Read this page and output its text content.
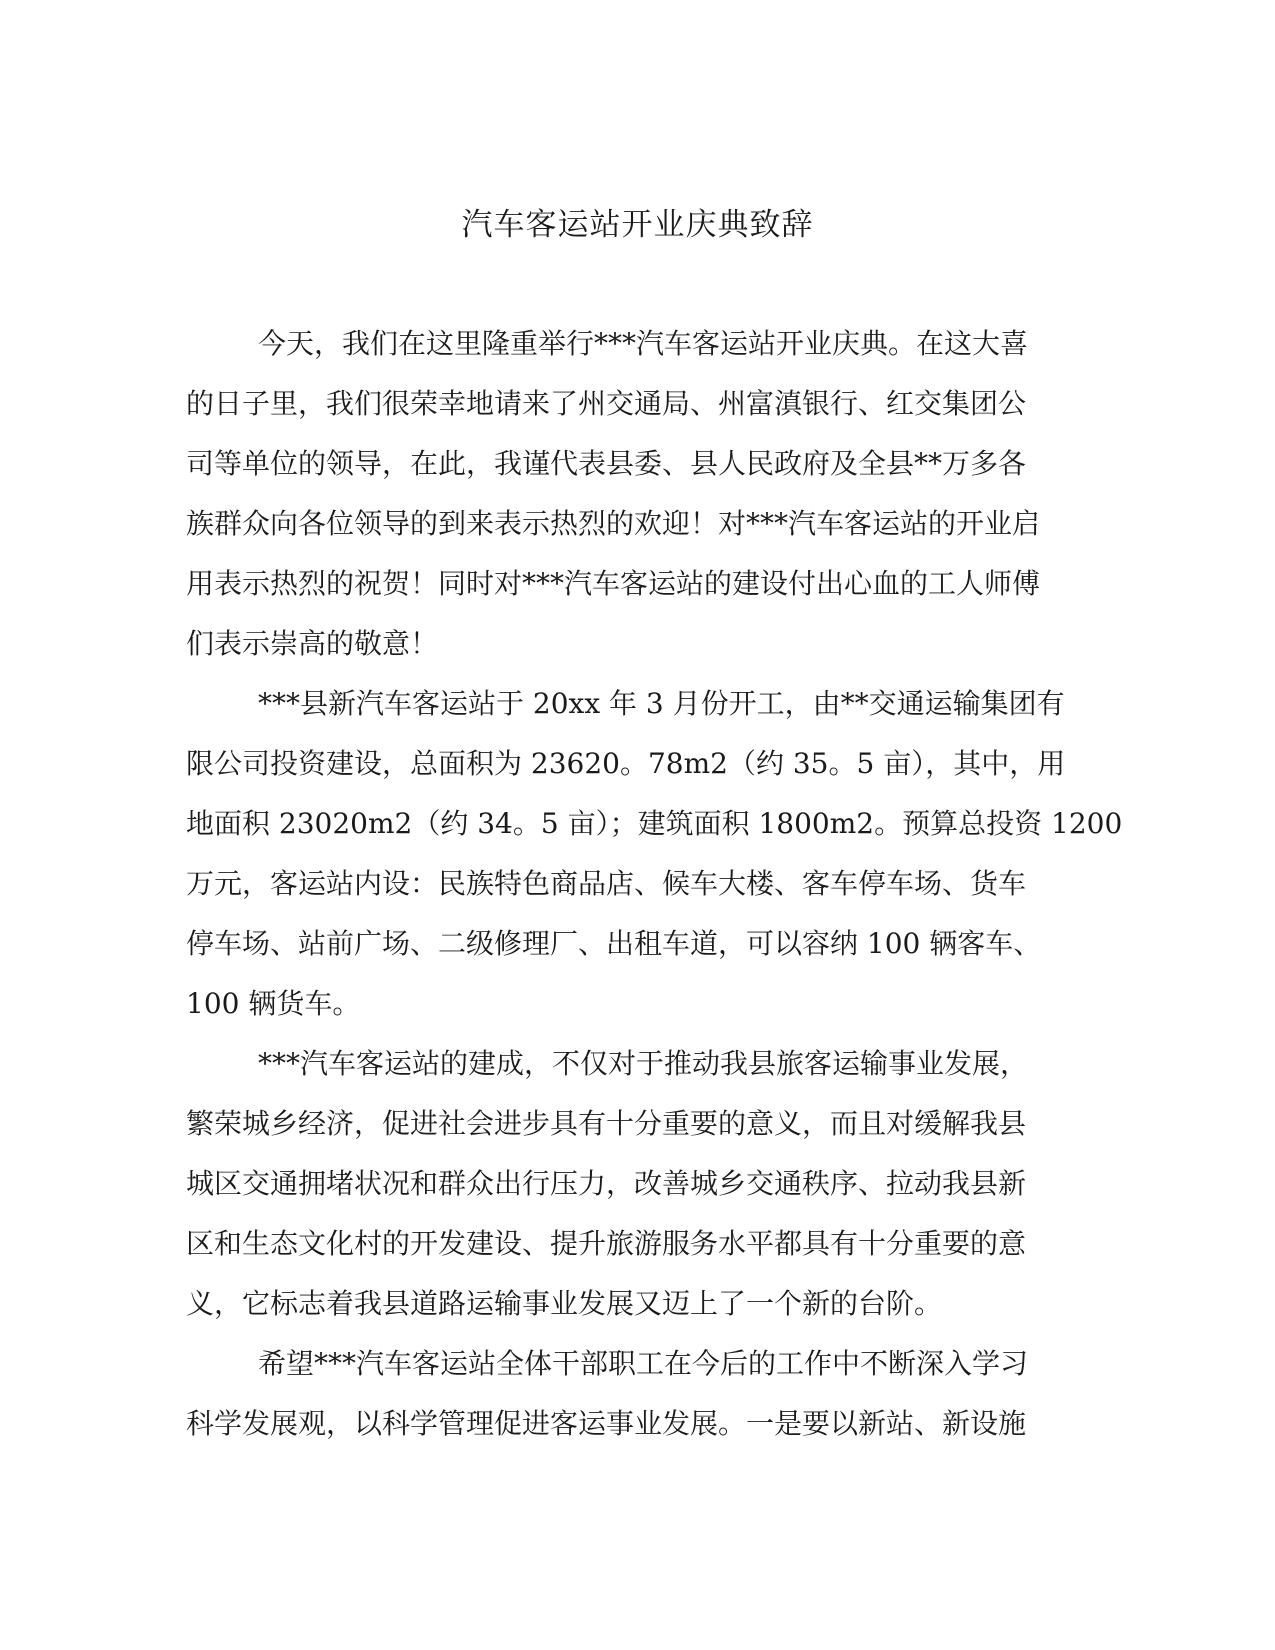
汽车客运站开业庆典致辞
今天，我们在这里隆重举行***汽车客运站开业庆典。在这大喜
的日子里，我们很荣幸地请来了州交通局、州富滇银行、红交集团公
司等单位的领导，在此，我谨代表县委、县人民政府及全县**万多各
族群众向各位领导的到来表示热烈的欢迎！对***汽车客运站的开业启
用表示热烈的祝贺！同时对***汽车客运站的建设付出心血的工人师傅
们表示崇高的敬意！
***县新汽车客运站于 20xx 年 3 月份开工，由**交通运输集团有
限公司投资建设，总面积为 23620。78m2（约 35。5 亩），其中，用
地面积 23020m2（约 34。5 亩）；建筑面积 1800m2。预算总投资 1200
万元，客运站内设：民族特色商品店、候车大楼、客车停车场、货车
停车场、站前广场、二级修理厂、出租车道，可以容纳 100 辆客车、
100 辆货车。
***汽车客运站的建成，不仅对于推动我县旅客运输事业发展，
繁荣城乡经济，促进社会进步具有十分重要的意义，而且对缓解我县
城区交通拥堵状况和群众出行压力，改善城乡交通秩序、拉动我县新
区和生态文化村的开发建设、提升旅游服务水平都具有十分重要的意
义，它标志着我县道路运输事业发展又迈上了一个新的台阶。
希望***汽车客运站全体干部职工在今后的工作中不断深入学习
科学发展观，以科学管理促进客运事业发展。一是要以新站、新设施
